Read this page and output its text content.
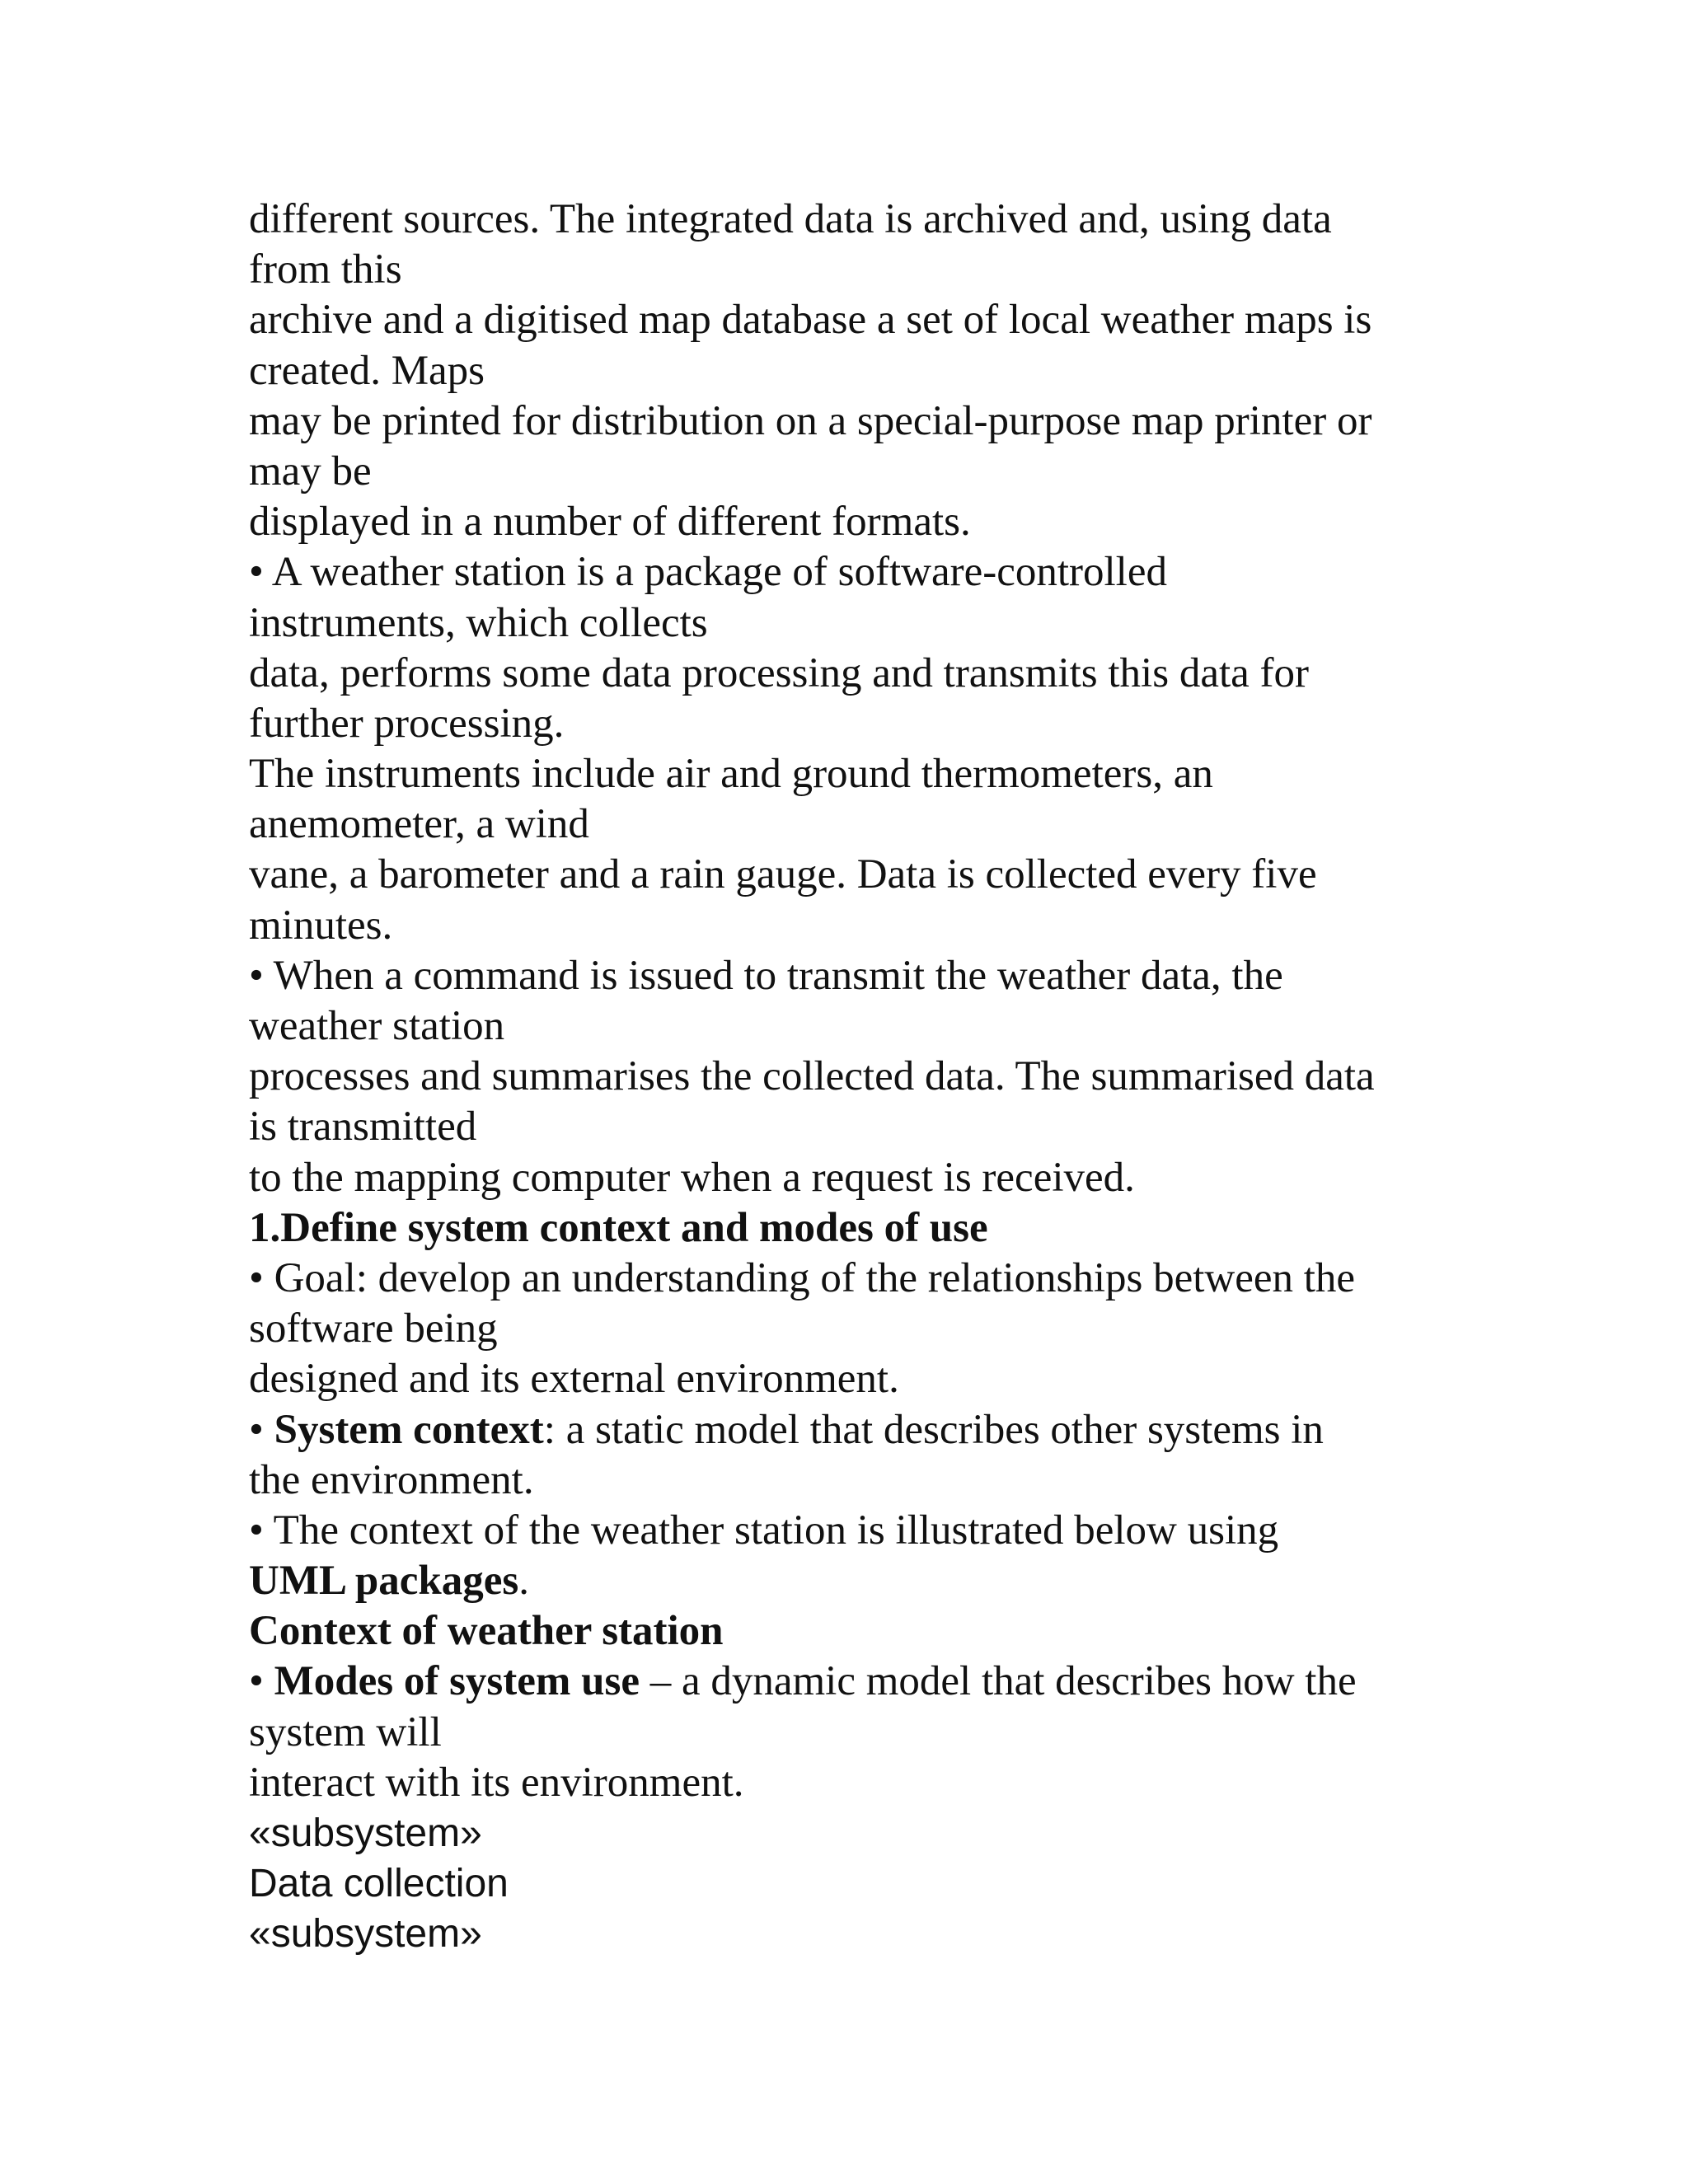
different sources. The integrated data is archived and, using data
from this
archive and a digitised map database a set of local weather maps is
created. Maps
may be printed for distribution on a special-purpose map printer or
may be
displayed in a number of different formats.
• A weather station is a package of software-controlled
instruments, which collects
data, performs some data processing and transmits this data for
further processing.
The instruments include air and ground thermometers, an
anemometer, a wind
vane, a barometer and a rain gauge. Data is collected every five
minutes.
• When a command is issued to transmit the weather data, the
weather station
processes and summarises the collected data. The summarised data
is transmitted
to the mapping computer when a request is received.
1.Define system context and modes of use
• Goal: develop an understanding of the relationships between the
software being
designed and its external environment.
• System context: a static model that describes other systems in
the environment.
• The context of the weather station is illustrated below using
UML packages.
Context of weather station
• Modes of system use – a dynamic model that describes how the
system will
interact with its environment.
«subsystem»
Data collection
«subsystem»
